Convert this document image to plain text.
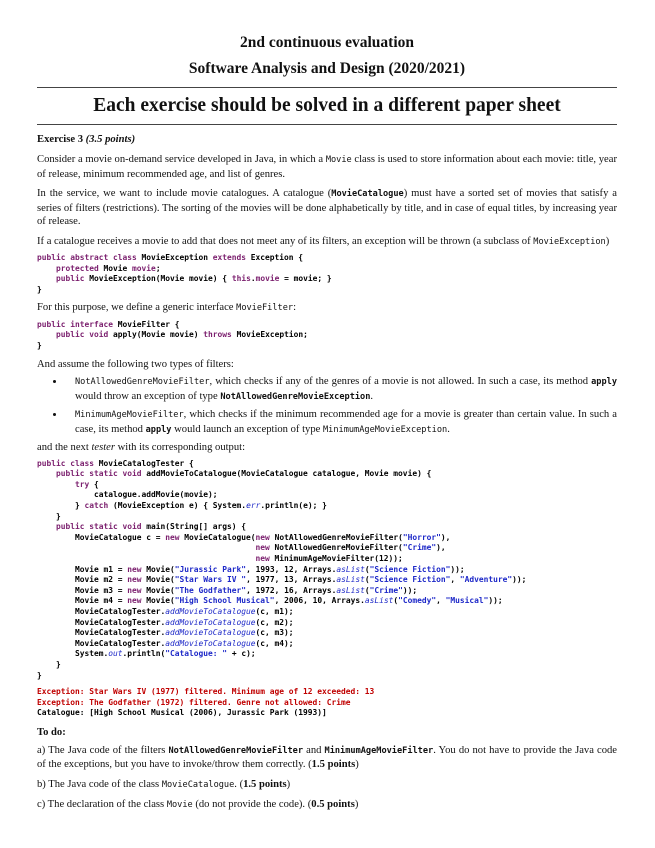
2nd continuous evaluation
Software Analysis and Design (2020/2021)
Each exercise should be solved in a different paper sheet
Exercise 3 (3.5 points)

Consider a movie on-demand service developed in Java, in which a Movie class is used to store information about each movie: title, year of release, minimum recommended age, and list of genres.

In the service, we want to include movie catalogues. A catalogue (MovieCatalogue) must have a sorted set of movies that satisfy a series of filters (restrictions). The sorting of the movies will be done alphabetically by title, and in case of equal titles, by increasing year of release.

If a catalogue receives a movie to add that does not meet any of its filters, an exception will be thrown (a subclass of MovieException)

public abstract class MovieException extends Exception {
protected Movie movie;
public MovieException(Movie movie) { this.movie = movie; }
}

For this purpose, we define a generic interface MovieFilter:

public interface MovieFilter {
public void apply(Movie movie) throws MovieException;
}

And assume the following two types of filters:

• NotAllowedGenreMovieFilter, which checks if any of the genres of a movie is not allowed. In such a case, its method apply would throw an exception of type NotAllowedGenreMovieException.
• MinimumAgeMovieFilter, which checks if the minimum recommended age for a movie is greater than certain value. In such a case, its method apply would launch an exception of type MinimumAgeMovieException.

and the next tester with its corresponding output:

public class MovieCatalogTester {
public static void addMovieToCatalogue(MovieCatalogue catalogue, Movie movie) {
try {
catalogue.addMovie(movie);
} catch (MovieException e) { System.err.println(e); }
}
public static void main(String[] args) {
MovieCatalogue c = new MovieCatalogue(new NotAllowedGenreMovieFilter("Horror"),
new NotAllowedGenreMovieFilter("Crime"),
new MinimumAgeMovieFilter(12));
Movie m1 = new Movie("Jurassic Park", 1993, 12, Arrays.asList("Science Fiction"));
Movie m2 = new Movie("Star Wars IV ", 1977, 13, Arrays.asList("Science Fiction", "Adventure"));
Movie m3 = new Movie("The Godfather", 1972, 16, Arrays.asList("Crime"));
Movie m4 = new Movie("High School Musical", 2006, 10, Arrays.asList("Comedy", "Musical"));
MovieCatalogTester.addMovieToCatalogue(c, m1);
MovieCatalogTester.addMovieToCatalogue(c, m2);
MovieCatalogTester.addMovieToCatalogue(c, m3);
MovieCatalogTester.addMovieToCatalogue(c, m4);
System.out.println("Catalogue: " + c);
}
}
Exception: Star Wars IV (1977) filtered. Minimum age of 12 exceeded: 13
Exception: The Godfather (1972) filtered. Genre not allowed: Crime
Catalogue: [High School Musical (2006), Jurassic Park (1993)]
To do:

a) The Java code of the filters NotAllowedGenreMovieFilter and MinimumAgeMovieFilter. You do not have to provide the Java code of the exceptions, but you have to invoke/throw them correctly. (1.5 points)

b) The Java code of the class MovieCatalogue. (1.5 points)

c) The declaration of the class Movie (do not provide the code). (0.5 points)
